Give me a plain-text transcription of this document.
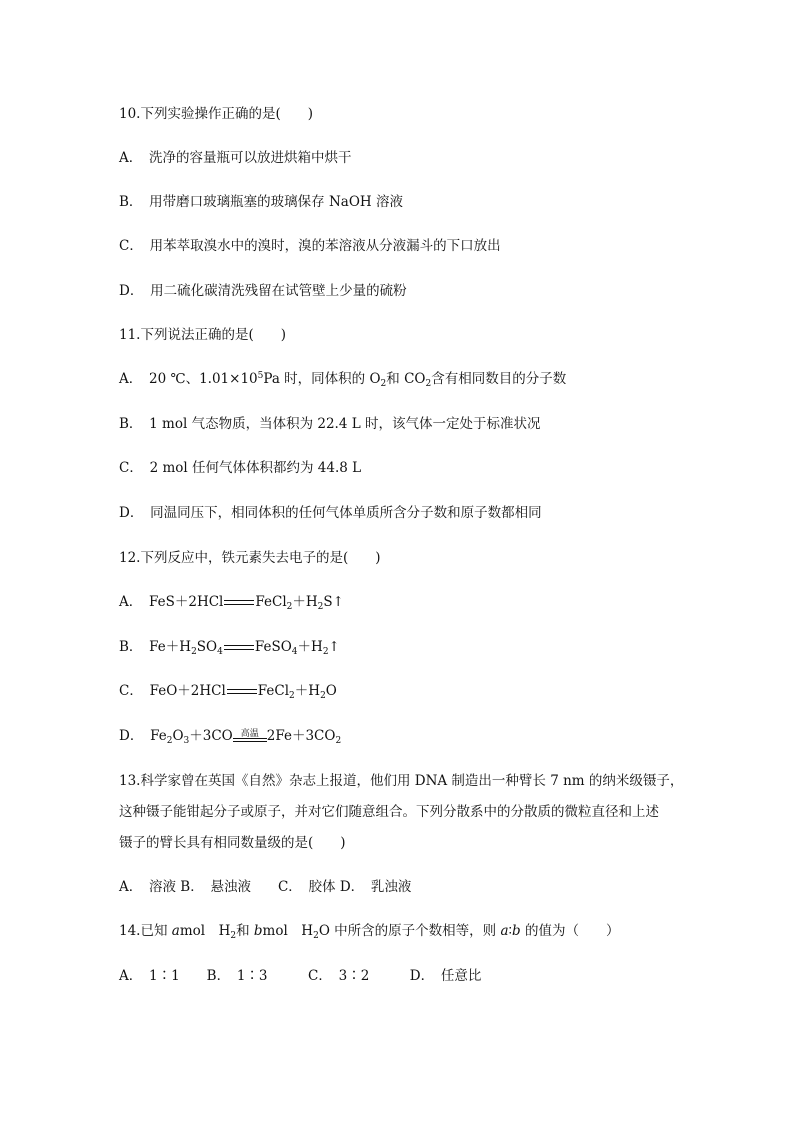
10.下列实验操作正确的是(　　)
A．　洗净的容量瓶可以放进烘箱中烘干
B．　用带磨口玻璃瓶塞的玻璃保存 NaOH 溶液
C．　用苯萃取溴水中的溴时，溴的苯溶液从分液漏斗的下口放出
D．　用二硫化碳清洗残留在试管壁上少量的硫粉
11.下列说法正确的是(　　)
A．　20 ℃、$1.01\times 10^5Pa$ 时，同体积的 $O_2$和 $CO_2$含有相同数目的分子数
B．　1 mol 气态物质，当体积为 22.4 L 时，该气体一定处于标准状况
C．　2 mol 任何气体体积都约为 44.8 L
D．　同温同压下，相同体积的任何气体单质所含分子数和原子数都相同
12.下列反应中，铁元素失去电子的是(　　)
A．　FeS＋2HCl $FeCl_2+H_2S↑$
B．　$Fe+H_2SO_4$ $FeSO_4+H_2↑$
C．　FeO＋2HCl $FeCl_2+H_2O$
D．　$Fe_2O_3+3CO$ 高温 $2Fe+3CO_2$
13.科学家曾在英国《自然》杂志上报道，他们用 DNA 制造出一种臂长 7 nm 的纳米级镊子，
这种镊子能钳起分子或原子，并对它们随意组合。下列分散系中的分散质的微粒直径和上述
镊子的臂长具有相同数量级的是(　　)
A．　溶液 B．　悬浊液　　C．　胶体 D．　乳浊液
14.已知 amol　$H_2$和 bmol　$H_2O$ 中所含的原子个数相等，则 a∶b 的值为（　　）
A．　1∶1　　B．　1∶3　　　C．　3∶2　　　D．　任意比
